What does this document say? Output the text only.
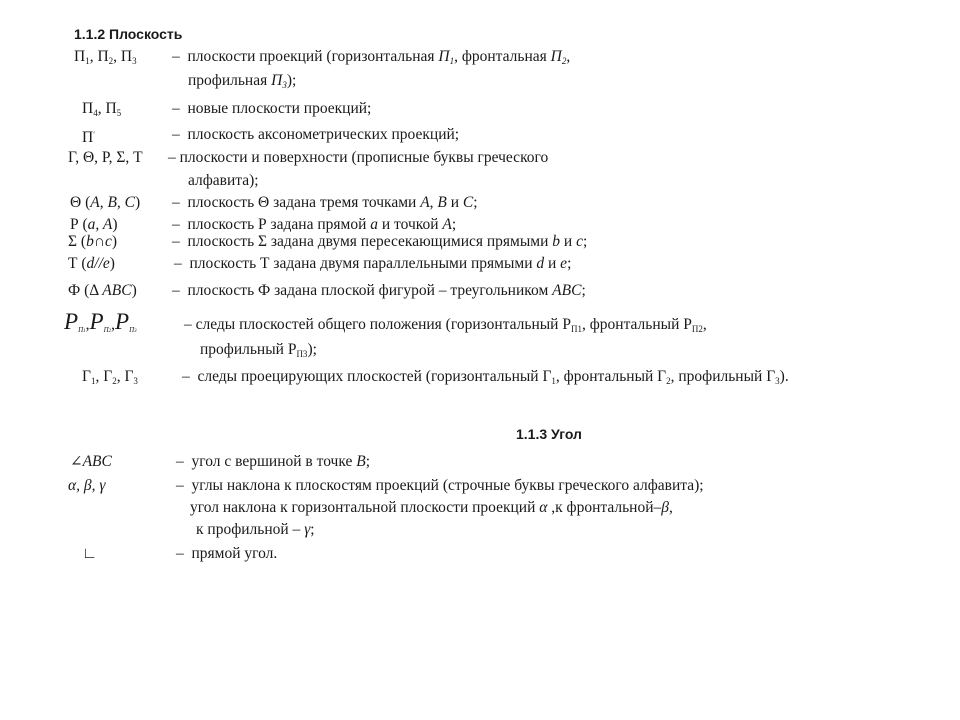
1.1.2 Плоскость
$П_1$, $П_2$, $П_3$ – плоскости проекций (горизонтальная $П_1$, фронтальная $П_2$,
профильная $П_3$);
$П_4$, $П_5$	– новые плоскости проекций;
П′	– плоскость аксонометрических проекций;
Г, Θ, Р, Σ, Т – плоскости и поверхности (прописные буквы греческого
алфавита);
Θ (A, B, C) – плоскость Θ задана тремя точками A, B и C;
Р (a, A)	– плоскость Р задана прямой a и точкой A;
Σ (b∩c)	– плоскость Σ задана двумя пересекающимися прямыми b и c;
Т (d//e)	– плоскость Т задана двумя параллельными прямыми d и e;
Ф (Δ ABC) – плоскость Ф задана плоской фигурой – треугольником ABC;
$P_{П1},P_{П2},P_{П3}$	– следы плоскостей общего положения (горизонтальный $Р_{П1}$, фронтальный $Р_{П2}$,
профильный $Р_{П3}$);
$Г_1$, $Г_2$, $Г_3$	– следы проецирующих плоскостей (горизонтальный $Г_1$, фронтальный $Г_2$, профильный $Г_3$).
1.1.3 Угол
∠ABC	– угол с вершиной в точке B;
α, β, γ	– углы наклона к плоскостям проекций (строчные буквы греческого алфавита);
угол наклона к горизонтальной плоскости проекций α ,к фронтальной–β,
к профильной – γ;
∟	– прямой угол.
